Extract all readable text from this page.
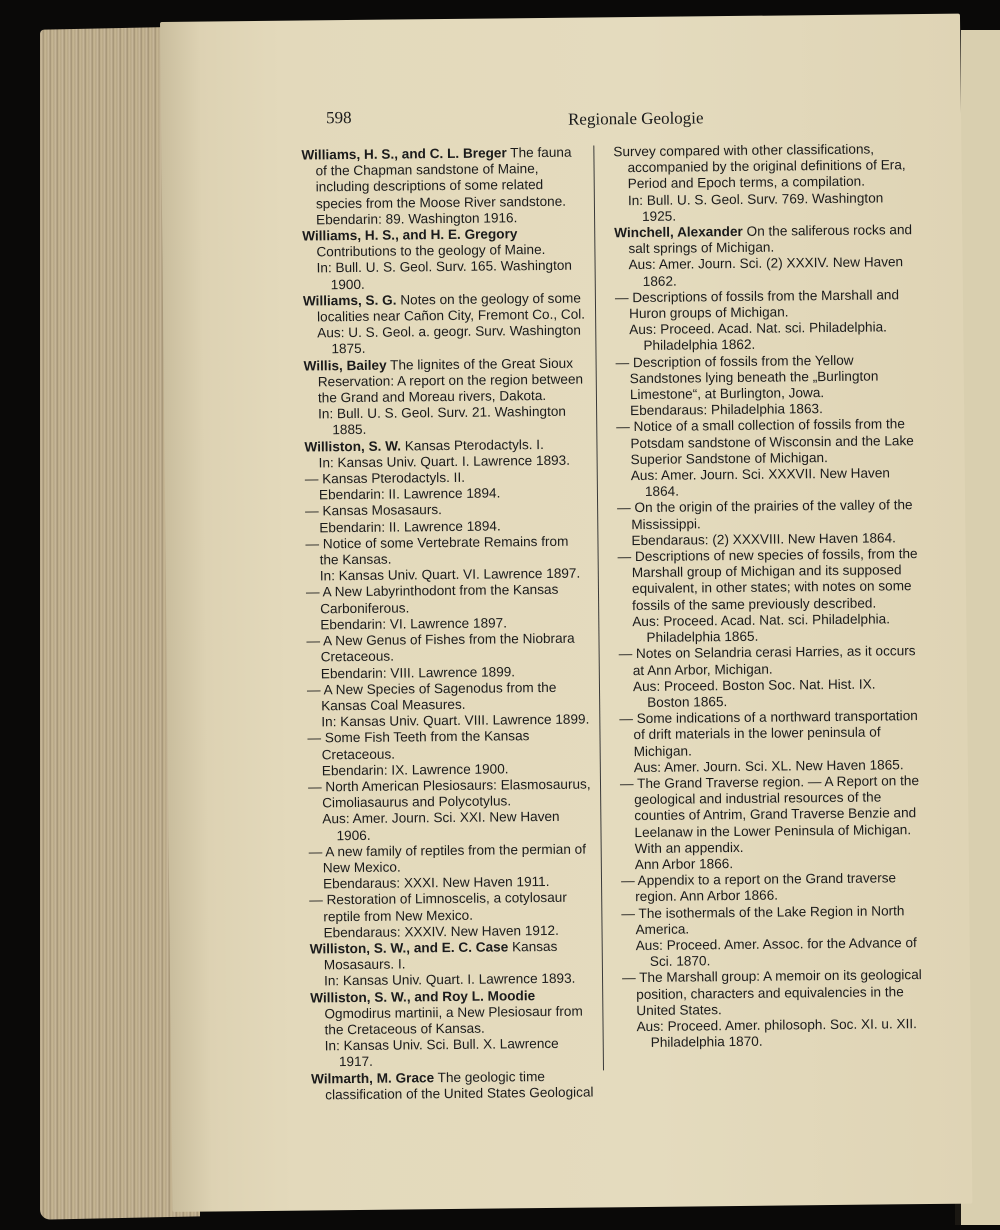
598	Regionale Geologie

Williams, H. S., and C. L. Breger The fauna of the Chapman sandstone of Maine, including descriptions of some related species from the Moose River sandstone.

Ebendarin: 89. Washington 1916.

Williams, H. S., and H. E. Gregory Contributions to the geology of Maine.

In: Bull. U. S. Geol. Surv. 165. Washington 1900.

Williams, S. G. Notes on the geology of some localities near Cañon City, Fremont Co., Col.

Aus: U. S. Geol. a. geogr. Surv. Washington 1875.

Willis, Bailey The lignites of the Great Sioux Reservation: A report on the region between the Grand and Moreau rivers, Dakota.

In: Bull. U. S. Geol. Surv. 21. Washington 1885.

Williston, S. W. Kansas Pterodactyls. I.

In: Kansas Univ. Quart. I. Lawrence 1893.

— Kansas Pterodactyls. II.

Ebendarin: II. Lawrence 1894.

— Kansas Mosasaurs.

Ebendarin: II. Lawrence 1894.

— Notice of some Vertebrate Remains from the Kansas.

In: Kansas Univ. Quart. VI. Lawrence 1897.

— A New Labyrinthodont from the Kansas Carboniferous.

Ebendarin: VI. Lawrence 1897.

— A New Genus of Fishes from the Niobrara Cretaceous.

Ebendarin: VIII. Lawrence 1899.

— A New Species of Sagenodus from the Kansas Coal Measures.

In: Kansas Univ. Quart. VIII. Lawrence 1899.

— Some Fish Teeth from the Kansas Cretaceous.

Ebendarin: IX. Lawrence 1900.

— North American Plesiosaurs: Elasmosaurus, Cimoliasaurus and Polycotylus.

Aus: Amer. Journ. Sci. XXI. New Haven 1906.

— A new family of reptiles from the permian of New Mexico.

Ebendaraus: XXXI. New Haven 1911.

— Restoration of Limnoscelis, a cotylosaur reptile from New Mexico.

Ebendaraus: XXXIV. New Haven 1912.

Williston, S. W., and E. C. Case Kansas Mosasaurs. I.

In: Kansas Univ. Quart. I. Lawrence 1893.

Williston, S. W., and Roy L. Moodie Ogmodirus martinii, a New Plesiosaur from the Cretaceous of Kansas.

In: Kansas Univ. Sci. Bull. X. Lawrence 1917.

Wilmarth, M. Grace The geologic time classification of the United States Geological

Survey compared with other classifications, accompanied by the original definitions of Era, Period and Epoch terms, a compilation.

In: Bull. U. S. Geol. Surv. 769. Washington 1925.

Winchell, Alexander On the saliferous rocks and salt springs of Michigan.

Aus: Amer. Journ. Sci. (2) XXXIV. New Haven 1862.

— Descriptions of fossils from the Marshall and Huron groups of Michigan.

Aus: Proceed. Acad. Nat. sci. Philadelphia. Philadelphia 1862.

— Description of fossils from the Yellow Sandstones lying beneath the „Burlington Limestone“, at Burlington, Jowa.

Ebendaraus: Philadelphia 1863.

— Notice of a small collection of fossils from the Potsdam sandstone of Wisconsin and the Lake Superior Sandstone of Michigan.

Aus: Amer. Journ. Sci. XXXVII. New Haven 1864.

— On the origin of the prairies of the valley of the Mississippi.

Ebendaraus: (2) XXXVIII. New Haven 1864.

— Descriptions of new species of fossils, from the Marshall group of Michigan and its supposed equivalent, in other states; with notes on some fossils of the same previously described.

Aus: Proceed. Acad. Nat. sci. Philadelphia. Philadelphia 1865.

— Notes on Selandria cerasi Harries, as it occurs at Ann Arbor, Michigan.

Aus: Proceed. Boston Soc. Nat. Hist. IX. Boston 1865.

— Some indications of a northward transportation of drift materials in the lower peninsula of Michigan.

Aus: Amer. Journ. Sci. XL. New Haven 1865.

— The Grand Traverse region. — A Report on the geological and industrial resources of the counties of Antrim, Grand Traverse Benzie and Leelanaw in the Lower Peninsula of Michigan. With an appendix.

Ann Arbor 1866.

— Appendix to a report on the Grand traverse region. Ann Arbor 1866.

— The isothermals of the Lake Region in North America.

Aus: Proceed. Amer. Assoc. for the Advance of Sci. 1870.

— The Marshall group: A memoir on its geological position, characters and equivalencies in the United States.

Aus: Proceed. Amer. philosoph. Soc. XI. u. XII. Philadelphia 1870.
